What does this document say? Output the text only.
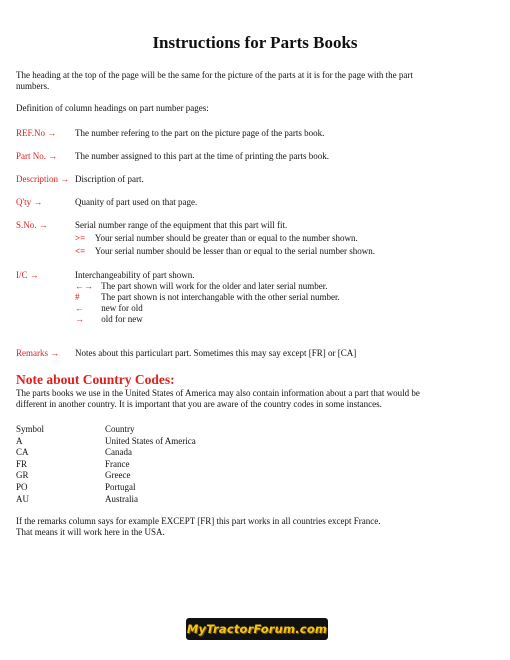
Instructions for Parts Books
The heading at the top of the page will be the same for the picture of the parts at it is for the page with the part
numbers.
Definition of column headings on part number pages:
REF.No → The number refering to the part on the picture page of the parts book.
Part No. → The number assigned to this part at the time of printing the parts book.
Description → Discription of part.
Q'ty →	Quanity of part used on that page.
S.No. →	Serial number range of the equipment that this part will fit.
>= Your serial number should be greater than or equal to the number shown.
<= Your serial number should be lesser than or equal to the serial number shown.
I/C →	Interchangeability of part shown.
←→ The part shown will work for the older and later serial number.
# The part shown is not interchangable with the other serial number.
← new for old
→ old for new
Remarks → Notes about this particulart part. Sometimes this may say except [FR] or [CA]
Note about Country Codes:
The parts books we use in the United States of America may also contain information about a part that would be
different in another country. It is important that you are aware of the country codes in some instances.
Symbol	Country
A	United States of America
CA	Canada
FR	France
GR	Greece
PO	Portugal
AU	Australia
If the remarks column says for example EXCEPT [FR] this part works in all countries except France.
That means it will work here in the USA.
MyTractorForum.com
